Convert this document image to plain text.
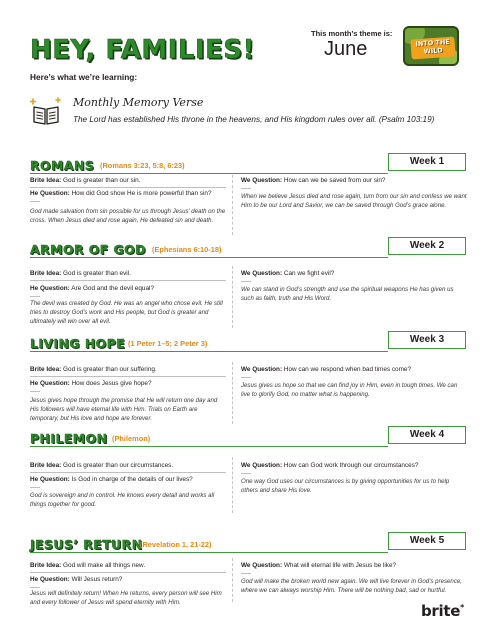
HEY, FAMILIES!
This month’s theme is:
June	INTO THE WILD
Here’s what we’re learning:
Monthly Memory Verse
The Lord has established His throne in the heavens, and His kingdom rules over all. (Psalm 103:19)
ROMANS (Romans 3:23, 5:8, 6:23)	Week 1
Brite Idea: God is greater than our sin.
He Question: How did God show He is more powerful than sin?
God made salvation from sin possible for us through Jesus’ death on the cross. When Jesus died and rose again, He defeated sin and death.
We Question: How can we be saved from our sin?
When we believe Jesus died and rose again, turn from our sin and confess we want Him to be our Lord and Savior, we can be saved through God’s grace alone.
ARMOR OF GOD (Ephesians 6:10-18)	Week 2
Brite Idea: God is greater than evil.
He Question: Are God and the devil equal?
The devil was created by God. He was an angel who chose evil. He still tries to destroy God’s work and His people, but God is greater and ultimately will win over all evil.
We Question: Can we fight evil?
We can stand in God’s strength and use the spiritual weapons He has given us such as faith, truth and His Word.
LIVING HOPE (1 Peter 1–5; 2 Peter 3)	Week 3
Brite Idea: God is greater than our suffering.
He Question: How does Jesus give hope?
Jesus gives hope through the promise that He will return one day and His followers will have eternal life with Him. Trials on Earth are temporary, but His love and hope are forever.
We Question: How can we respond when bad times come?
Jesus gives us hope so that we can find joy in Him, even in tough times. We can live to glorify God, no matter what is happening.
PHILEMON (Philemon)	Week 4
Brite Idea: God is greater than our circumstances.
He Question: Is God in charge of the details of our lives?
God is sovereign and in control. He knows every detail and works all things together for good.
We Question: How can God work through our circumstances?
One way God uses our circumstances is by giving opportunities for us to help others and share His love.
JESUS’ RETURN
(Revelation 1, 21-22)	Week 5
Brite Idea: God will make all things new.
He Question: Will Jesus return?
Jesus will definitely return! When He returns, every person will see Him and every follower of Jesus will spend eternity with Him.
We Question: What will eternal life with Jesus be like?
God will make the broken world new again. We will live forever in God’s presence, where we can always worship Him. There will be nothing bad, sad or hurtful.
brite*
